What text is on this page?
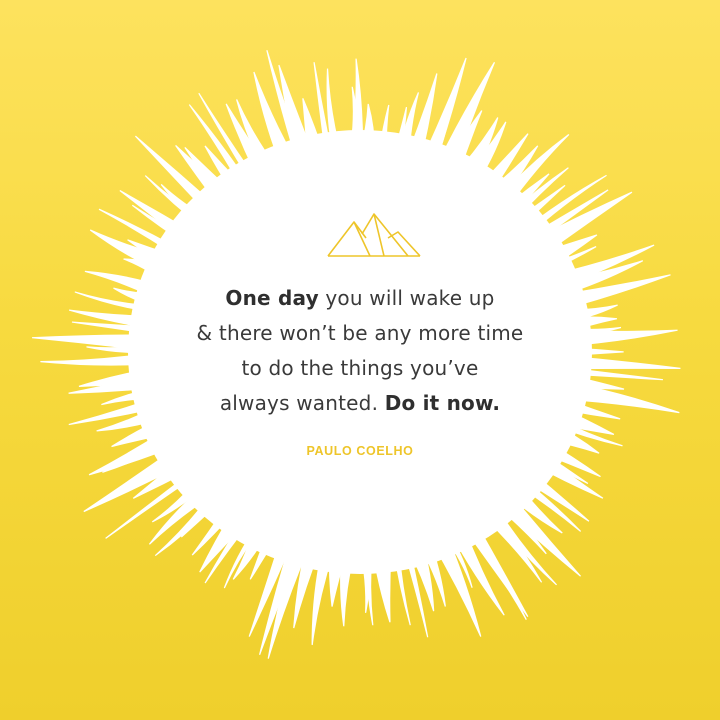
One day you will wake up
& there won’t be any more time
to do the things you’ve
always wanted. Do it now.
PAULO COELHO
